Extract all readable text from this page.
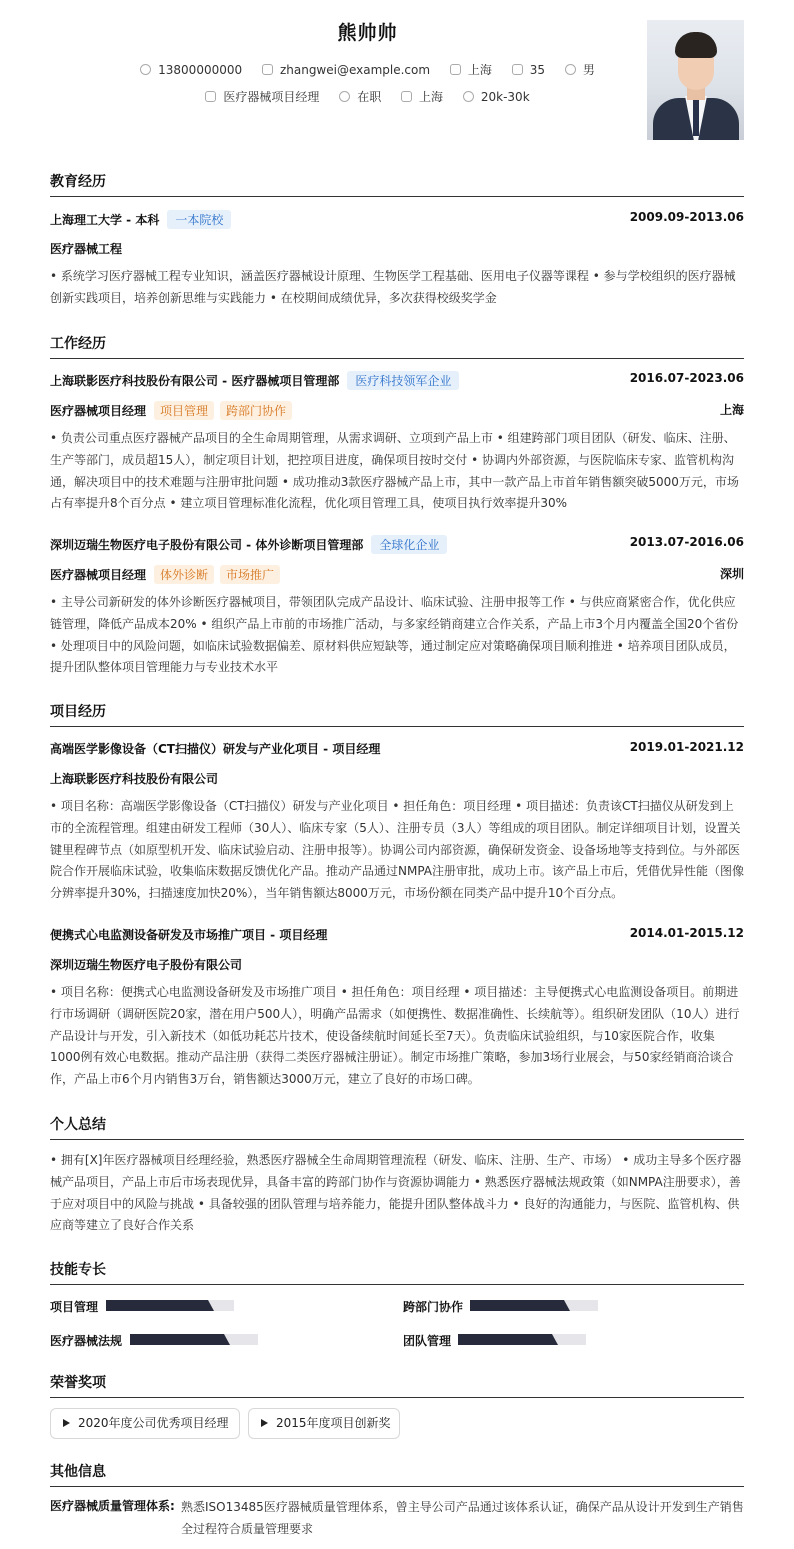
熊帅帅
13800000000	zhangwei@example.com	上海	35	男
医疗器械项目经理	在职	上海	20k-30k
教育经历
上海理工大学 - 本科 一本院校	2009.09-2013.06
医疗器械工程
• 系统学习医疗器械工程专业知识，涵盖医疗器械设计原理、生物医学工程基础、医用电子仪器等课程 • 参与学校组织的医疗器械创新实践项目，培养创新思维与实践能力 • 在校期间成绩优异，多次获得校级奖学金
工作经历
上海联影医疗科技股份有限公司 - 医疗器械项目管理部 医疗科技领军企业	2016.07-2023.06
医疗器械项目经理 项目管理 跨部门协作	上海
• 负责公司重点医疗器械产品项目的全生命周期管理，从需求调研、立项到产品上市 • 组建跨部门项目团队（研发、临床、注册、生产等部门，成员超15人），制定项目计划，把控项目进度，确保项目按时交付 • 协调内外部资源，与医院临床专家、监管机构沟通，解决项目中的技术难题与注册审批问题 • 成功推动3款医疗器械产品上市，其中一款产品上市首年销售额突破5000万元，市场占有率提升8个百分点 • 建立项目管理标准化流程，优化项目管理工具，使项目执行效率提升30%
深圳迈瑞生物医疗电子股份有限公司 - 体外诊断项目管理部 全球化企业	2013.07-2016.06
医疗器械项目经理 体外诊断 市场推广	深圳
• 主导公司新研发的体外诊断医疗器械项目，带领团队完成产品设计、临床试验、注册申报等工作 • 与供应商紧密合作，优化供应链管理，降低产品成本20% • 组织产品上市前的市场推广活动，与多家经销商建立合作关系，产品上市3个月内覆盖全国20个省份 • 处理项目中的风险问题，如临床试验数据偏差、原材料供应短缺等，通过制定应对策略确保项目顺利推进 • 培养项目团队成员，提升团队整体项目管理能力与专业技术水平
项目经历
高端医学影像设备（CT扫描仪）研发与产业化项目 - 项目经理	2019.01-2021.12
上海联影医疗科技股份有限公司
• 项目名称：高端医学影像设备（CT扫描仪）研发与产业化项目 • 担任角色：项目经理 • 项目描述：负责该CT扫描仪从研发到上市的全流程管理。组建由研发工程师（30人）、临床专家（5人）、注册专员（3人）等组成的项目团队。制定详细项目计划，设置关键里程碑节点（如原型机开发、临床试验启动、注册申报等）。协调公司内部资源，确保研发资金、设备场地等支持到位。与外部医院合作开展临床试验，收集临床数据反馈优化产品。推动产品通过NMPA注册审批，成功上市。该产品上市后，凭借优异性能（图像分辨率提升30%，扫描速度加快20%），当年销售额达8000万元，市场份额在同类产品中提升10个百分点。
便携式心电监测设备研发及市场推广项目 - 项目经理	2014.01-2015.12
深圳迈瑞生物医疗电子股份有限公司
• 项目名称：便携式心电监测设备研发及市场推广项目 • 担任角色：项目经理 • 项目描述：主导便携式心电监测设备项目。前期进行市场调研（调研医院20家，潜在用户500人），明确产品需求（如便携性、数据准确性、长续航等）。组织研发团队（10人）进行产品设计与开发，引入新技术（如低功耗芯片技术，使设备续航时间延长至7天）。负责临床试验组织，与10家医院合作，收集1000例有效心电数据。推动产品注册（获得二类医疗器械注册证）。制定市场推广策略，参加3场行业展会，与50家经销商洽谈合作，产品上市6个月内销售3万台，销售额达3000万元，建立了良好的市场口碑。
个人总结
• 拥有[X]年医疗器械项目经理经验，熟悉医疗器械全生命周期管理流程（研发、临床、注册、生产、市场） • 成功主导多个医疗器械产品项目，产品上市后市场表现优异，具备丰富的跨部门协作与资源协调能力 • 熟悉医疗器械法规政策（如NMPA注册要求），善于应对项目中的风险与挑战 • 具备较强的团队管理与培养能力，能提升团队整体战斗力 • 良好的沟通能力，与医院、监管机构、供应商等建立了良好合作关系
技能专长
项目管理	跨部门协作
医疗器械法规	团队管理
荣誉奖项
2020年度公司优秀项目经理	2015年度项目创新奖
其他信息
医疗器械质量管理体系: 熟悉ISO13485医疗器械质量管理体系，曾主导公司产品通过该体系认证，确保产品从设计开发到生产销售全过程符合质量管理要求
